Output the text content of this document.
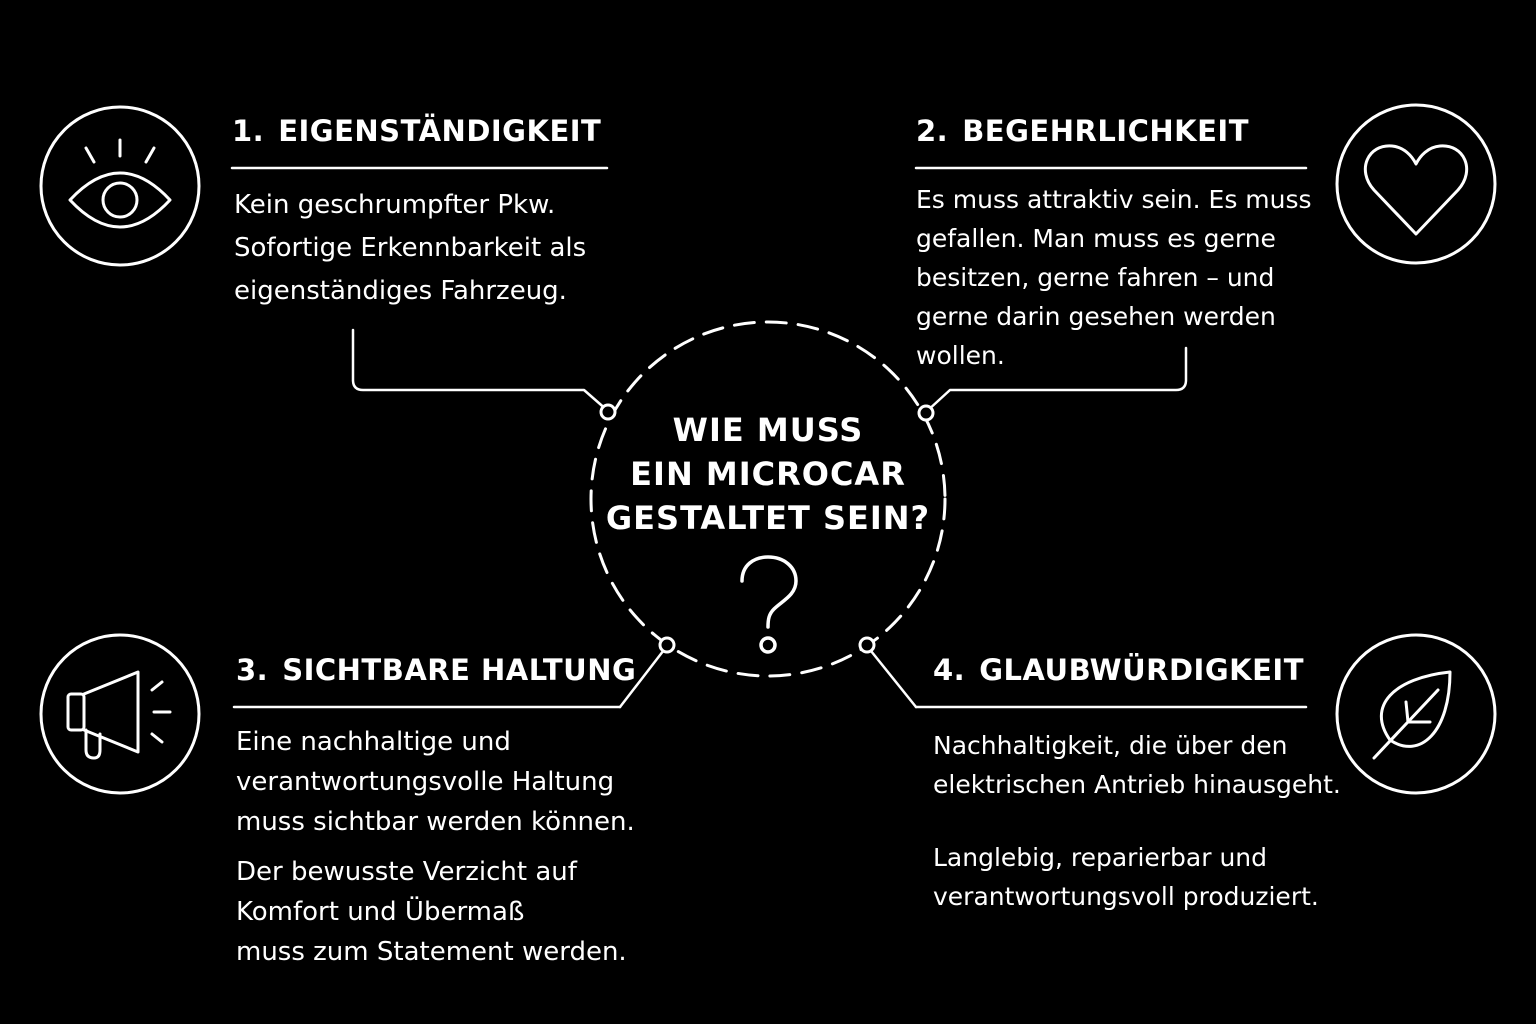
1. EIGENSTÄNDIGKEIT

Kein geschrumpfter Pkw.
Sofortige Erkennbarkeit als
eigenständiges Fahrzeug.

2. BEGEHRLICHKEIT

Es muss attraktiv sein. Es muss
gefallen. Man muss es gerne
besitzen, gerne fahren – und
gerne darin gesehen werden
wollen.

3. SICHTBARE HALTUNG

Eine nachhaltige und
verantwortungsvolle Haltung
muss sichtbar werden können.

Der bewusste Verzicht auf
Komfort und Übermaß
muss zum Statement werden.

4. GLAUBWÜRDIGKEIT

Nachhaltigkeit, die über den
elektrischen Antrieb hinausgeht.

Langlebig, reparierbar und
verantwortungsvoll produziert.

WIE MUSS
EIN MICROCAR
GESTALTET SEIN?
